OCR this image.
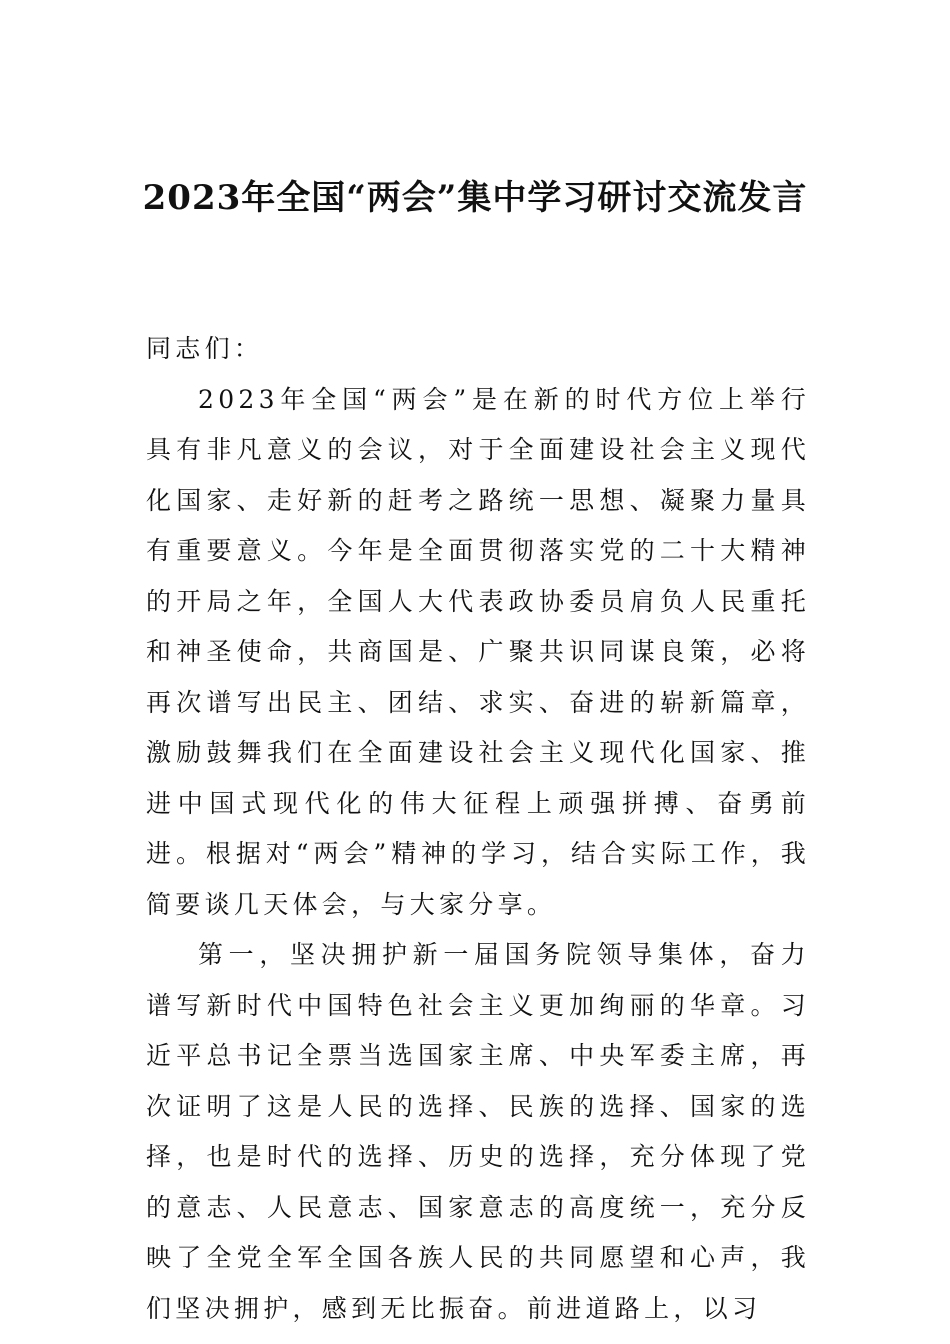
2023年全国“两会”集中学习研讨交流发言

同志们：

2023年全国“两会”是在新的时代方位上举行具有非凡意义的会议，对于全面建设社会主义现代化国家、走好新的赶考之路统一思想、凝聚力量具有重要意义。今年是全面贯彻落实党的二十大精神的开局之年，全国人大代表政协委员肩负人民重托和神圣使命，共商国是、广聚共识同谋良策，必将再次谱写出民主、团结、求实、奋进的崭新篇章，激励鼓舞我们在全面建设社会主义现代化国家、推进中国式现代化的伟大征程上顽强拼搏、奋勇前进。根据对“两会”精神的学习，结合实际工作，我简要谈几天体会，与大家分享。

第一，坚决拥护新一届国务院领导集体，奋力谱写新时代中国特色社会主义更加绚丽的华章。习近平总书记全票当选国家主席、中央军委主席，再次证明了这是人民的选择、民族的选择、国家的选择，也是时代的选择、历史的选择，充分体现了党的意志、人民意志、国家意志的高度统一，充分反映了全党全军全国各族人民的共同愿望和心声，我们坚决拥护，感到无比振奋。前进道路上，以习
